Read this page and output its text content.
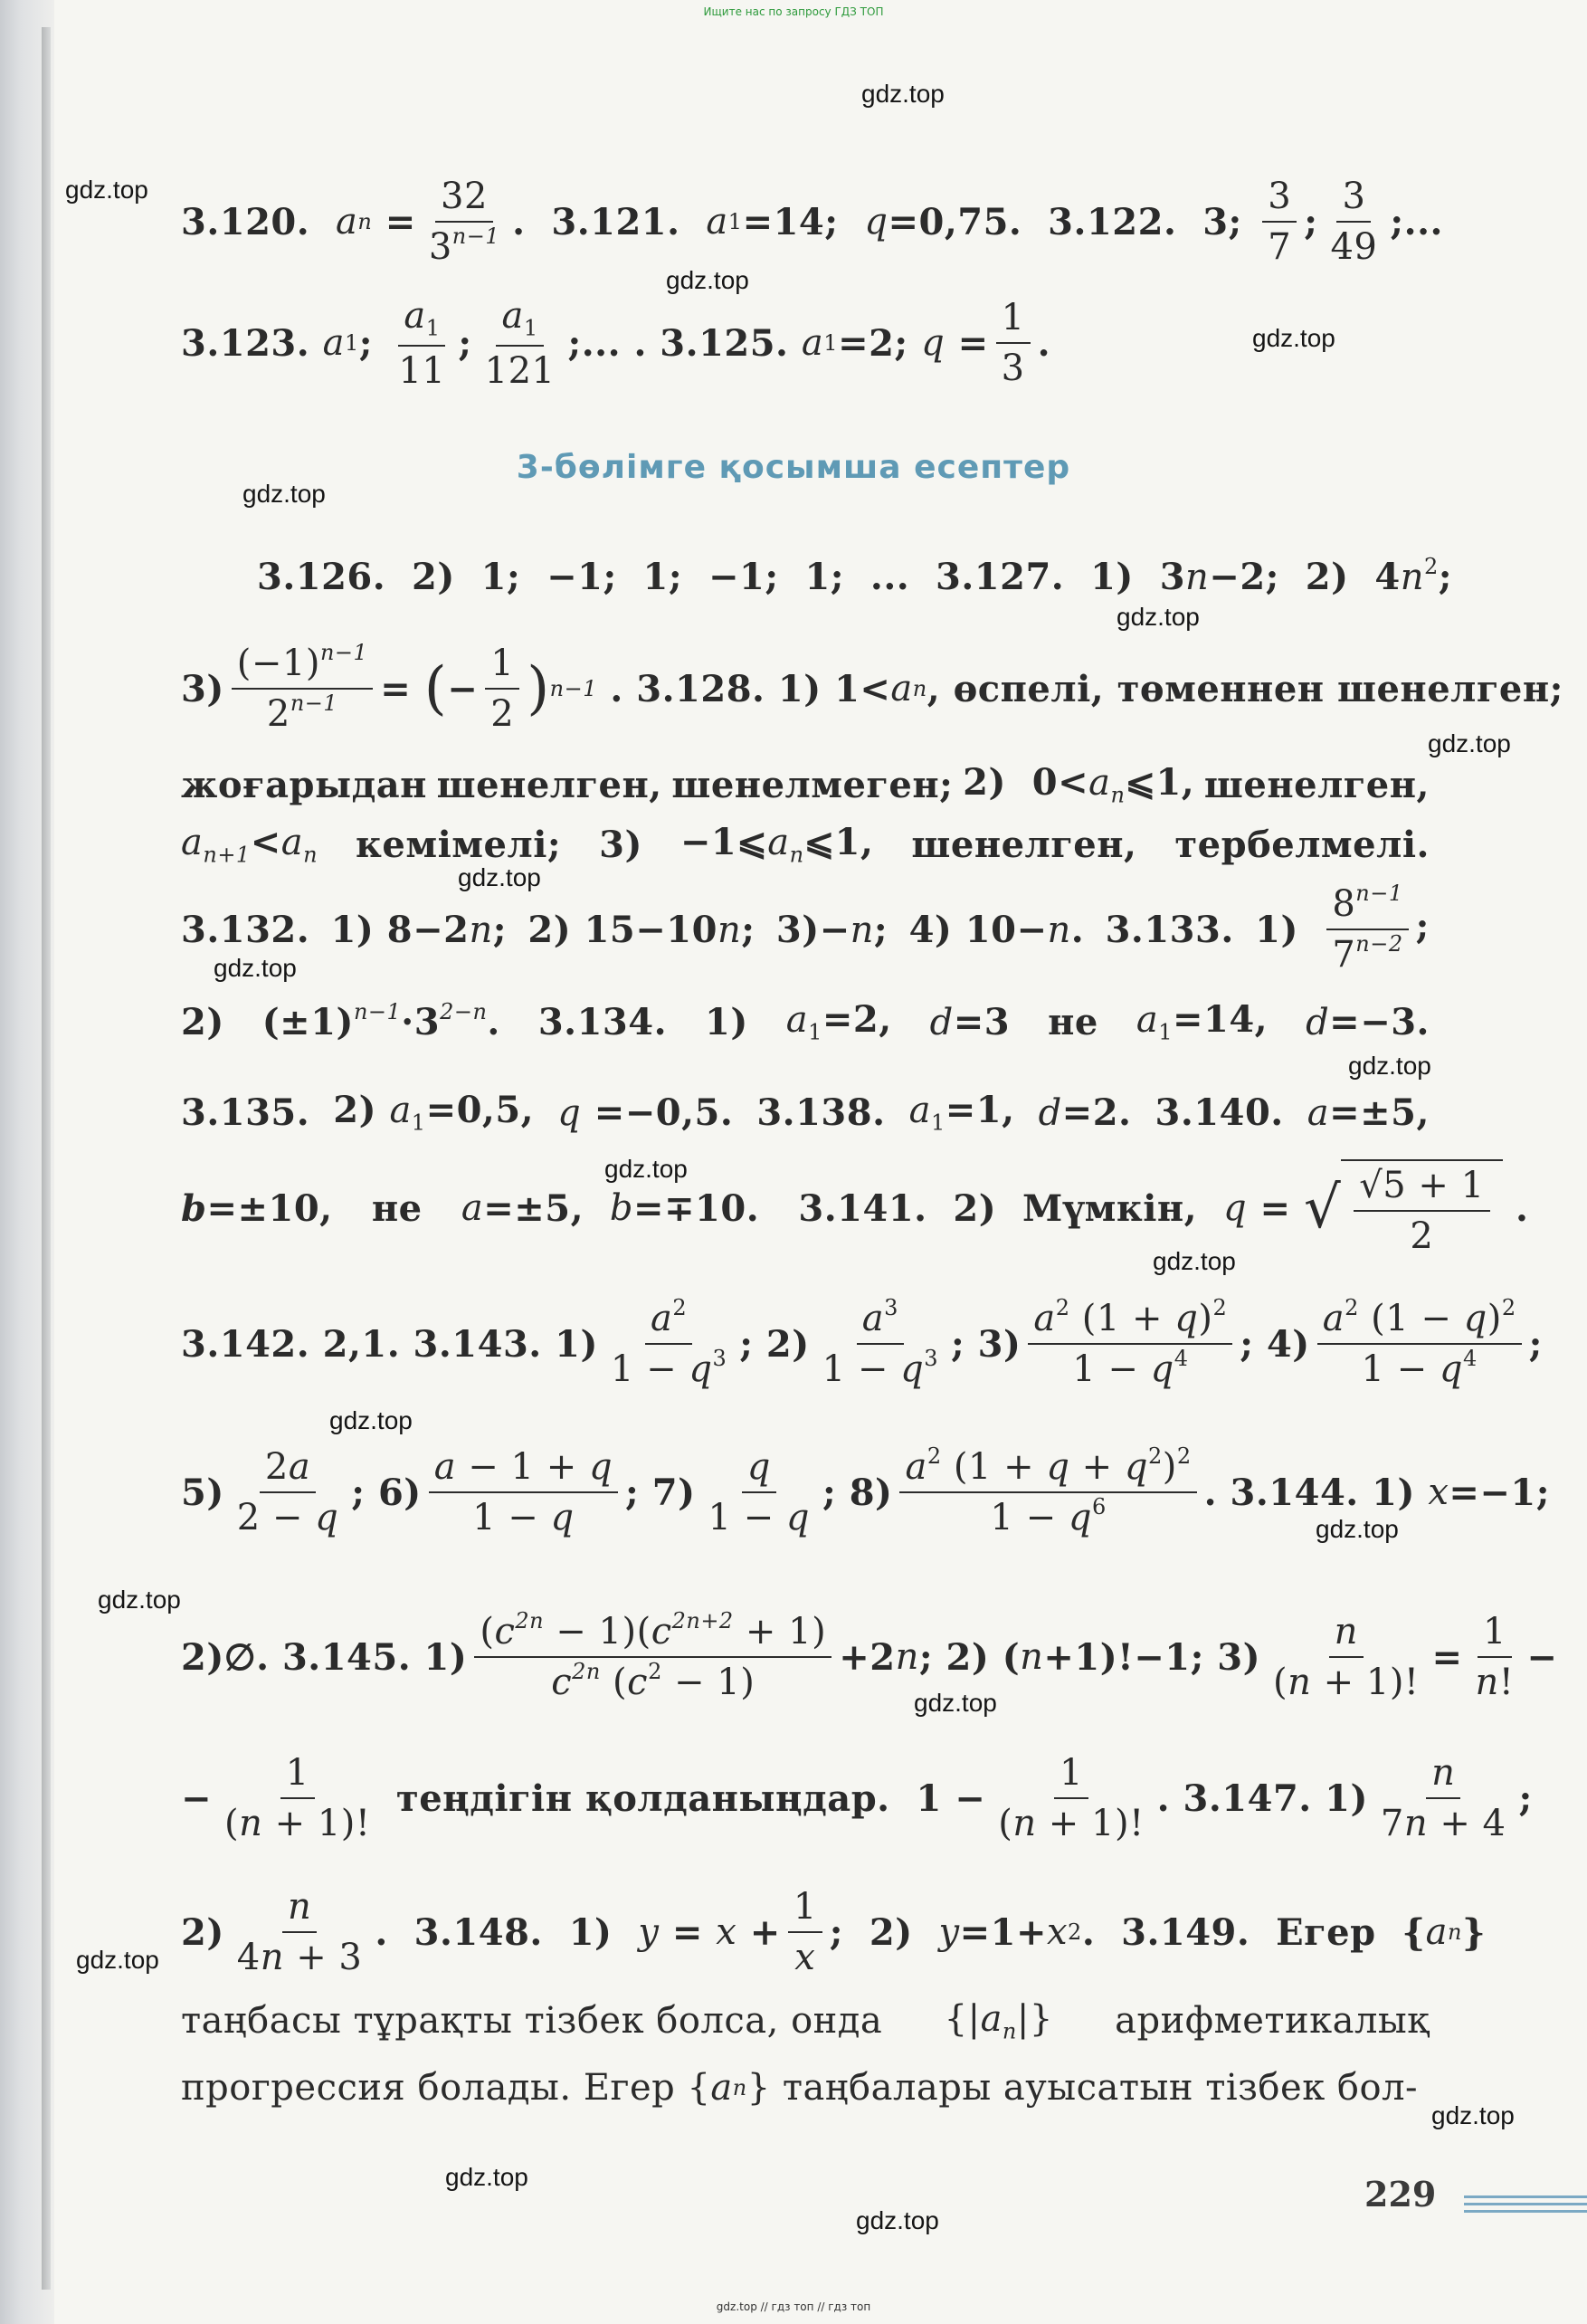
Ищите нас по запросу ГДЗ ТОП
gdz.top
gdz.top
gdz.top
gdz.top
gdz.top
gdz.top
gdz.top
gdz.top
gdz.top
gdz.top
gdz.top
gdz.top
gdz.top
gdz.top
gdz.top
gdz.top
gdz.top
gdz.top
gdz.top
gdz.top
3.120. a $n = \frac{32}{3^{n-1}}$ .  3.121. a 1 =14; q =0,75.  3.122.  3; $\frac{3}{7}$ ; $\frac{3}{49}$ ;...
3.123. a 1 ; $\frac{a_1}{11}$ ; $\frac{a_1}{121}$ ;... . 3.125. a 1 =2; $q = \frac{1}{3}$ .
3-бөлімге қосымша есептер
3.126.  2)  1;  −1;  1;  −1;  1;  ...  3.127.  1)  3n−2;  2)  $4n^2$;
$3) \frac{(-1)^{n-1}}{2^{n-1}}$ = ( − $\frac{1}{2}$ ) n−1 . 3.128. 1) 1< a n , өспелі, төменнен шенелген;
жоғарыдан шенелген, шенелмеген; 2)  $0<a_n⩽1$, шенелген,
$a_{n+1}<a_n$ кемімелі; $3) -1⩽a_n⩽1$, шенелген, тербелмелі.
3.132. 1) 8−2n; 2) 15−10n; 3)−n; 4) 10−n. 3.133. $1) \frac{8^{n-1}}{7^{n-2}}$ ;
2) $(\pm 1)^{n-1}\cdot 3^{2-n}$. 3.134. 1) $a_1=2$, d=3 не $a_1=14$, d=−3.
3.135. 2) $a_1=0,5$, q =−0,5. 3.138. $a_1=1$, d=2. 3.140. a=±5,
b =±10, не
a =±5, b =∓10.   3.141.  2) Мүмкін,
q = √ $\frac{√5 + 1}{2}$ .
3.142. 2,1. 3.143. $1) \frac{a^2}{1 - q^3}$ ; $2) \frac{a^3}{1 - q^3}$ ; $3) \frac{a^2 (1 + q)^2}{1 - q^4}$ ; $4) \frac{a^2 (1 - q)^2}{1 - q^4}$ ;
$5) \frac{2a}{2 - q}$ ; $6) \frac{a - 1 + q}{1 - q}$ ; $7) \frac{q}{1 - q}$ ; $8) \frac{a^2 (1 + q + q^2)^2}{1 - q^6}$ . 3.144. 1) x =−1;
2)∅. 3.145. $1) \frac{(c^{2n} - 1)(c^{2n+2} + 1)}{c^{2n} (c^2 - 1)} +2$ n ; 2) ( n +1)!−1; $3) \frac{n}{(n + 1)!} = \frac{1}{n!}$ −
− $\frac{1}{(n + 1)!}$
теңдігін қолданыңдар. $1 - \frac{1}{(n + 1)!}$ . 3.147. $1) \frac{n}{7n + 4}$ ;
$2) \frac{n}{4n + 3}$ .  3.148.  1) $y = x + \frac{1}{x}$ ;  2) y =1+ x 2 .  3.149. Егер { a n }
таңбасы тұрақты тізбек болса, онда $\{|a_n|\}$ арифметикалық
прогрессия болады. Егер { a n } таңбалары ауысатын тізбек бол-
229
gdz.top // гдз топ // гдз топ
